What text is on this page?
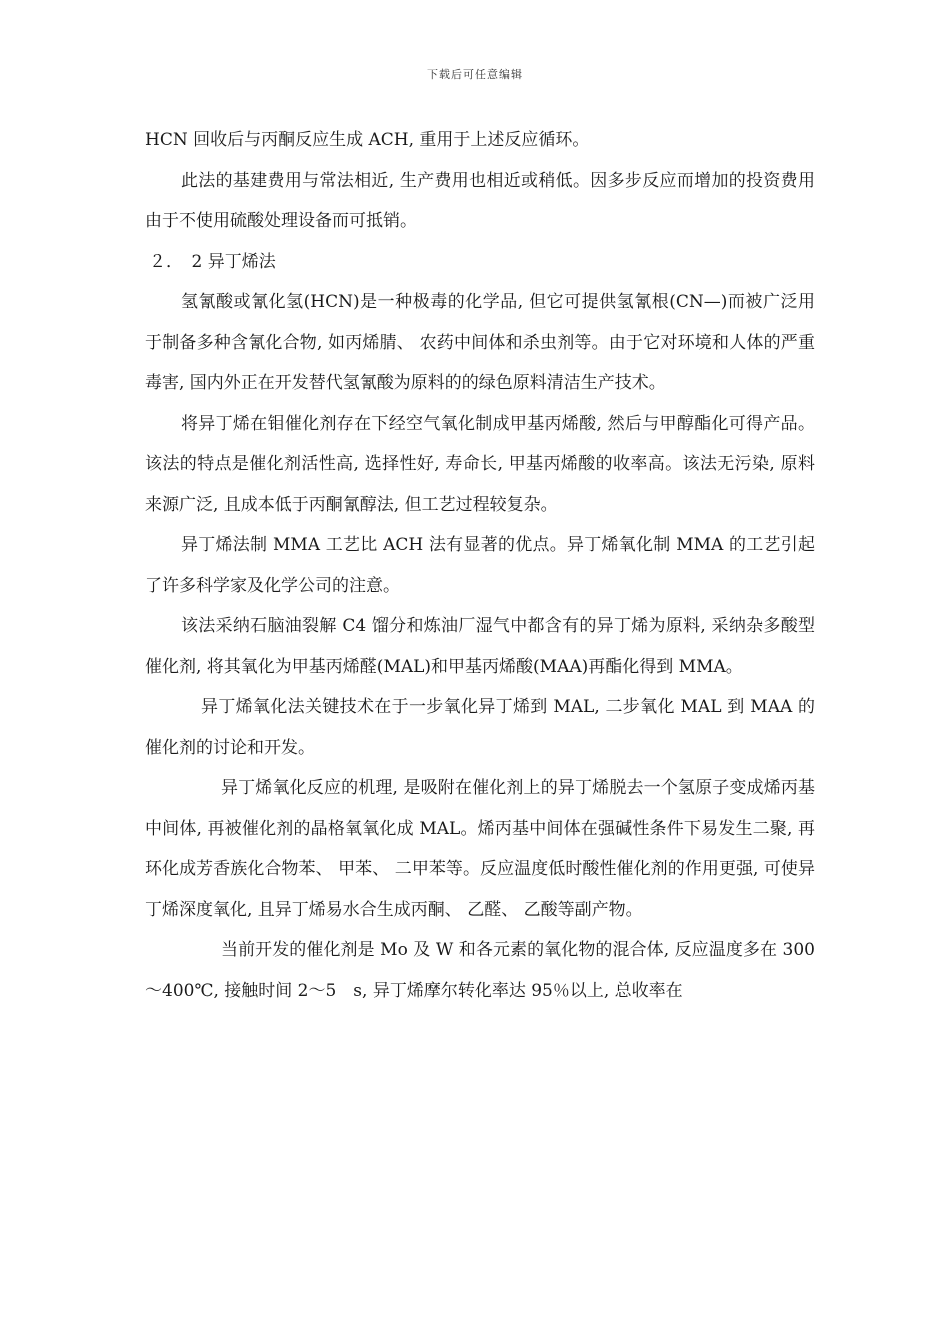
下载后可任意编辑

HCN 回收后与丙酮反应生成 ACH, 重用于上述反应循环。

此法的基建费用与常法相近, 生产费用也相近或稍低。因多步反应而增加的投资费用由于不使用硫酸处理设备而可抵销。

２．　2 异丁烯法

氢氰酸或氰化氢(HCN)是一种极毒的化学品, 但它可提供氢氰根(CN—)而被广泛用于制备多种含氰化合物, 如丙烯腈、 农药中间体和杀虫剂等。由于它对环境和人体的严重毒害, 国内外正在开发替代氢氰酸为原料的的绿色原料清洁生产技术。

将异丁烯在钼催化剂存在下经空气氧化制成甲基丙烯酸, 然后与甲醇酯化可得产品。该法的特点是催化剂活性高, 选择性好, 寿命长, 甲基丙烯酸的收率高。该法无污染, 原料来源广泛, 且成本低于丙酮氰醇法, 但工艺过程较复杂。

异丁烯法制 MMA 工艺比 ACH 法有显著的优点。异丁烯氧化制 MMA 的工艺引起了许多科学家及化学公司的注意。

该法采纳石脑油裂解 C4 馏分和炼油厂湿气中都含有的异丁烯为原料, 采纳杂多酸型催化剂, 将其氧化为甲基丙烯醛(MAL)和甲基丙烯酸(MAA)再酯化得到 MMA。

异丁烯氧化法关键技术在于一步氧化异丁烯到 MAL, 二步氧化 MAL 到 MAA 的催化剂的讨论和开发。

异丁烯氧化反应的机理, 是吸附在催化剂上的异丁烯脱去一个氢原子变成烯丙基中间体, 再被催化剂的晶格氧氧化成 MAL。烯丙基中间体在强碱性条件下易发生二聚, 再环化成芳香族化合物苯、 甲苯、 二甲苯等。反应温度低时酸性催化剂的作用更强, 可使异丁烯深度氧化, 且异丁烯易水合生成丙酮、 乙醛、 乙酸等副产物。

当前开发的催化剂是 Mo 及 W 和各元素的氧化物的混合体, 反应温度多在 300～400℃, 接触时间 2～5　s, 异丁烯摩尔转化率达 95％以上, 总收率在
